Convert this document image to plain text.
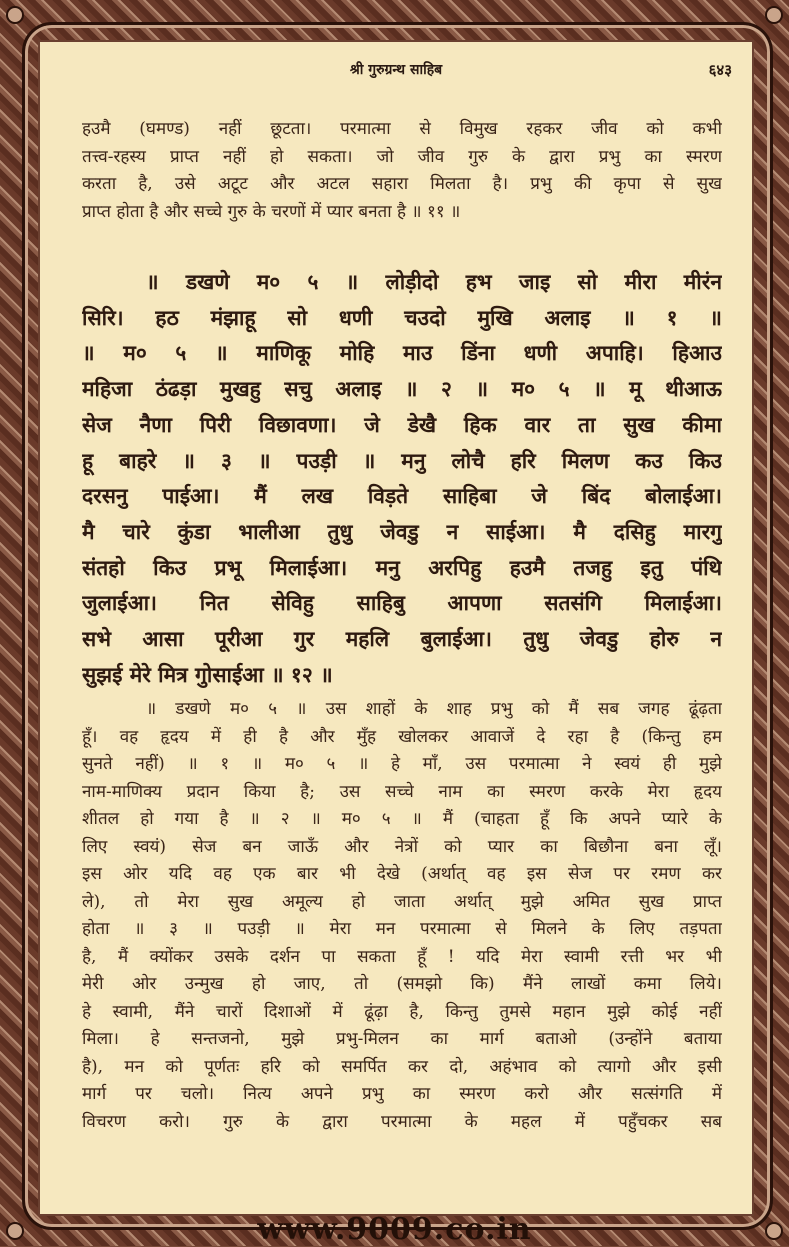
श्री गुरुग्रन्थ साहिब	६४३
हउमै (घमण्ड) नहीं छूटता। परमात्मा से विमुख रहकर जीव को कभी
तत्त्व-रहस्य प्राप्त नहीं हो सकता। जो जीव गुरु के द्वारा प्रभु का स्मरण
करता है, उसे अटूट और अटल सहारा मिलता है। प्रभु की कृपा से सुख
प्राप्त होता है और सच्चे गुरु के चरणों में प्यार बनता है ॥ ११ ॥
॥ डखणे म० ५ ॥ लोड़ीदो हभ जाइ सो मीरा मीरंन
सिरि। हठ मंझाहू सो धणी चउदो मुखि अलाइ ॥ १ ॥
॥ म० ५ ॥ माणिकू मोहि माउ डिंना धणी अपाहि। हिआउ
महिजा ठंढड़ा मुखहु सचु अलाइ ॥ २ ॥ म० ५ ॥ मू थीआऊ
सेज नैणा पिरी विछावणा। जे डेखै हिक वार ता सुख कीमा
हू बाहरे ॥ ३ ॥ पउड़ी ॥ मनु लोचै हरि मिलण कउ किउ
दरसनु पाईआ। मैं लख विड़ते साहिबा जे बिंद बोलाईआ।
मै चारे कुंडा भालीआ तुधु जेवडु न साईआ। मै दसिहु मारगु
संतहो किउ प्रभू मिलाईआ। मनु अरपिहु हउमै तजहु इतु पंथि
जुलाईआ। नित सेविहु साहिबु आपणा सतसंगि मिलाईआ।
सभे आसा पूरीआ गुर महलि बुलाईआ। तुधु जेवडु होरु न
सुझई मेरे मित्र गुोसाईआ ॥ १२ ॥
॥ डखणे म० ५ ॥ उस शाहों के शाह प्रभु को मैं सब जगह ढूंढ़ता
हूँ। वह हृदय में ही है और मुँह खोलकर आवाजें दे रहा है (किन्तु हम
सुनते नहीं) ॥ १ ॥ म० ५ ॥ हे माँ, उस परमात्मा ने स्वयं ही मुझे
नाम-माणिक्य प्रदान किया है; उस सच्चे नाम का स्मरण करके मेरा हृदय
शीतल हो गया है ॥ २ ॥ म० ५ ॥ मैं (चाहता हूँ कि अपने प्यारे के
लिए स्वयं) सेज बन जाऊँ और नेत्रों को प्यार का बिछौना बना लूँ।
इस ओर यदि वह एक बार भी देखे (अर्थात् वह इस सेज पर रमण कर
ले), तो मेरा सुख अमूल्य हो जाता अर्थात् मुझे अमित सुख प्राप्त
होता ॥ ३ ॥ पउड़ी ॥ मेरा मन परमात्मा से मिलने के लिए तड़पता
है, मैं क्योंकर उसके दर्शन पा सकता हूँ ! यदि मेरा स्वामी रत्ती भर भी
मेरी ओर उन्मुख हो जाए, तो (समझो कि) मैंने लाखों कमा लिये।
हे स्वामी, मैंने चारों दिशाओं में ढूंढ़ा है, किन्तु तुमसे महान मुझे कोई नहीं
मिला। हे सन्तजनो, मुझे प्रभु-मिलन का मार्ग बताओ (उन्होंने बताया
है), मन को पूर्णतः हरि को समर्पित कर दो, अहंभाव को त्यागो और इसी
मार्ग पर चलो। नित्य अपने प्रभु का स्मरण करो और सत्संगति में
विचरण करो। गुरु के द्वारा परमात्मा के महल में पहुँचकर सब
www.9009.co.in
